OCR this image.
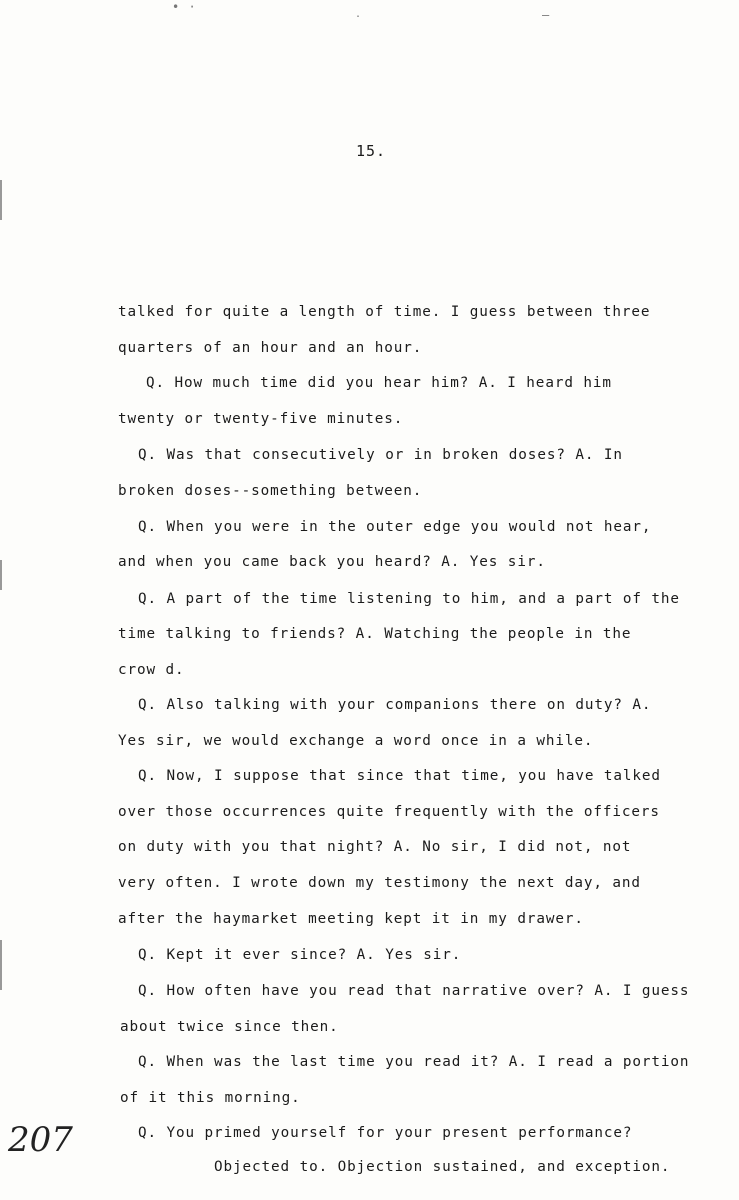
• ·	․	—
15.
talked for quite a length of time. I guess between three
quarters of an hour and an hour.
Q. How much time did you hear him? A. I heard him
twenty or twenty-five minutes.
Q. Was that consecutively or in broken doses? A. In
broken doses--something between.
Q. When you were in the outer edge you would not hear,
and when you came back you heard? A. Yes sir.
Q. A part of the time listening to him, and a part of the
time talking to friends? A. Watching the people in the
crow d.
Q. Also talking with your companions there on duty? A.
Yes sir, we would exchange a word once in a while.
Q. Now, I suppose that since that time, you have talked
over those occurrences quite frequently with the officers
on duty with you that night? A. No sir, I did not, not
very often. I wrote down my testimony the next day, and
after the haymarket meeting kept it in my drawer.
Q. Kept it ever since? A. Yes sir.
Q. How often have you read that narrative over? A. I guess
about twice since then.
Q. When was the last time you read it? A. I read a portion
of it this morning.
Q. You primed yourself for your present performance?
Objected to. Objection sustained, and exception.
207
